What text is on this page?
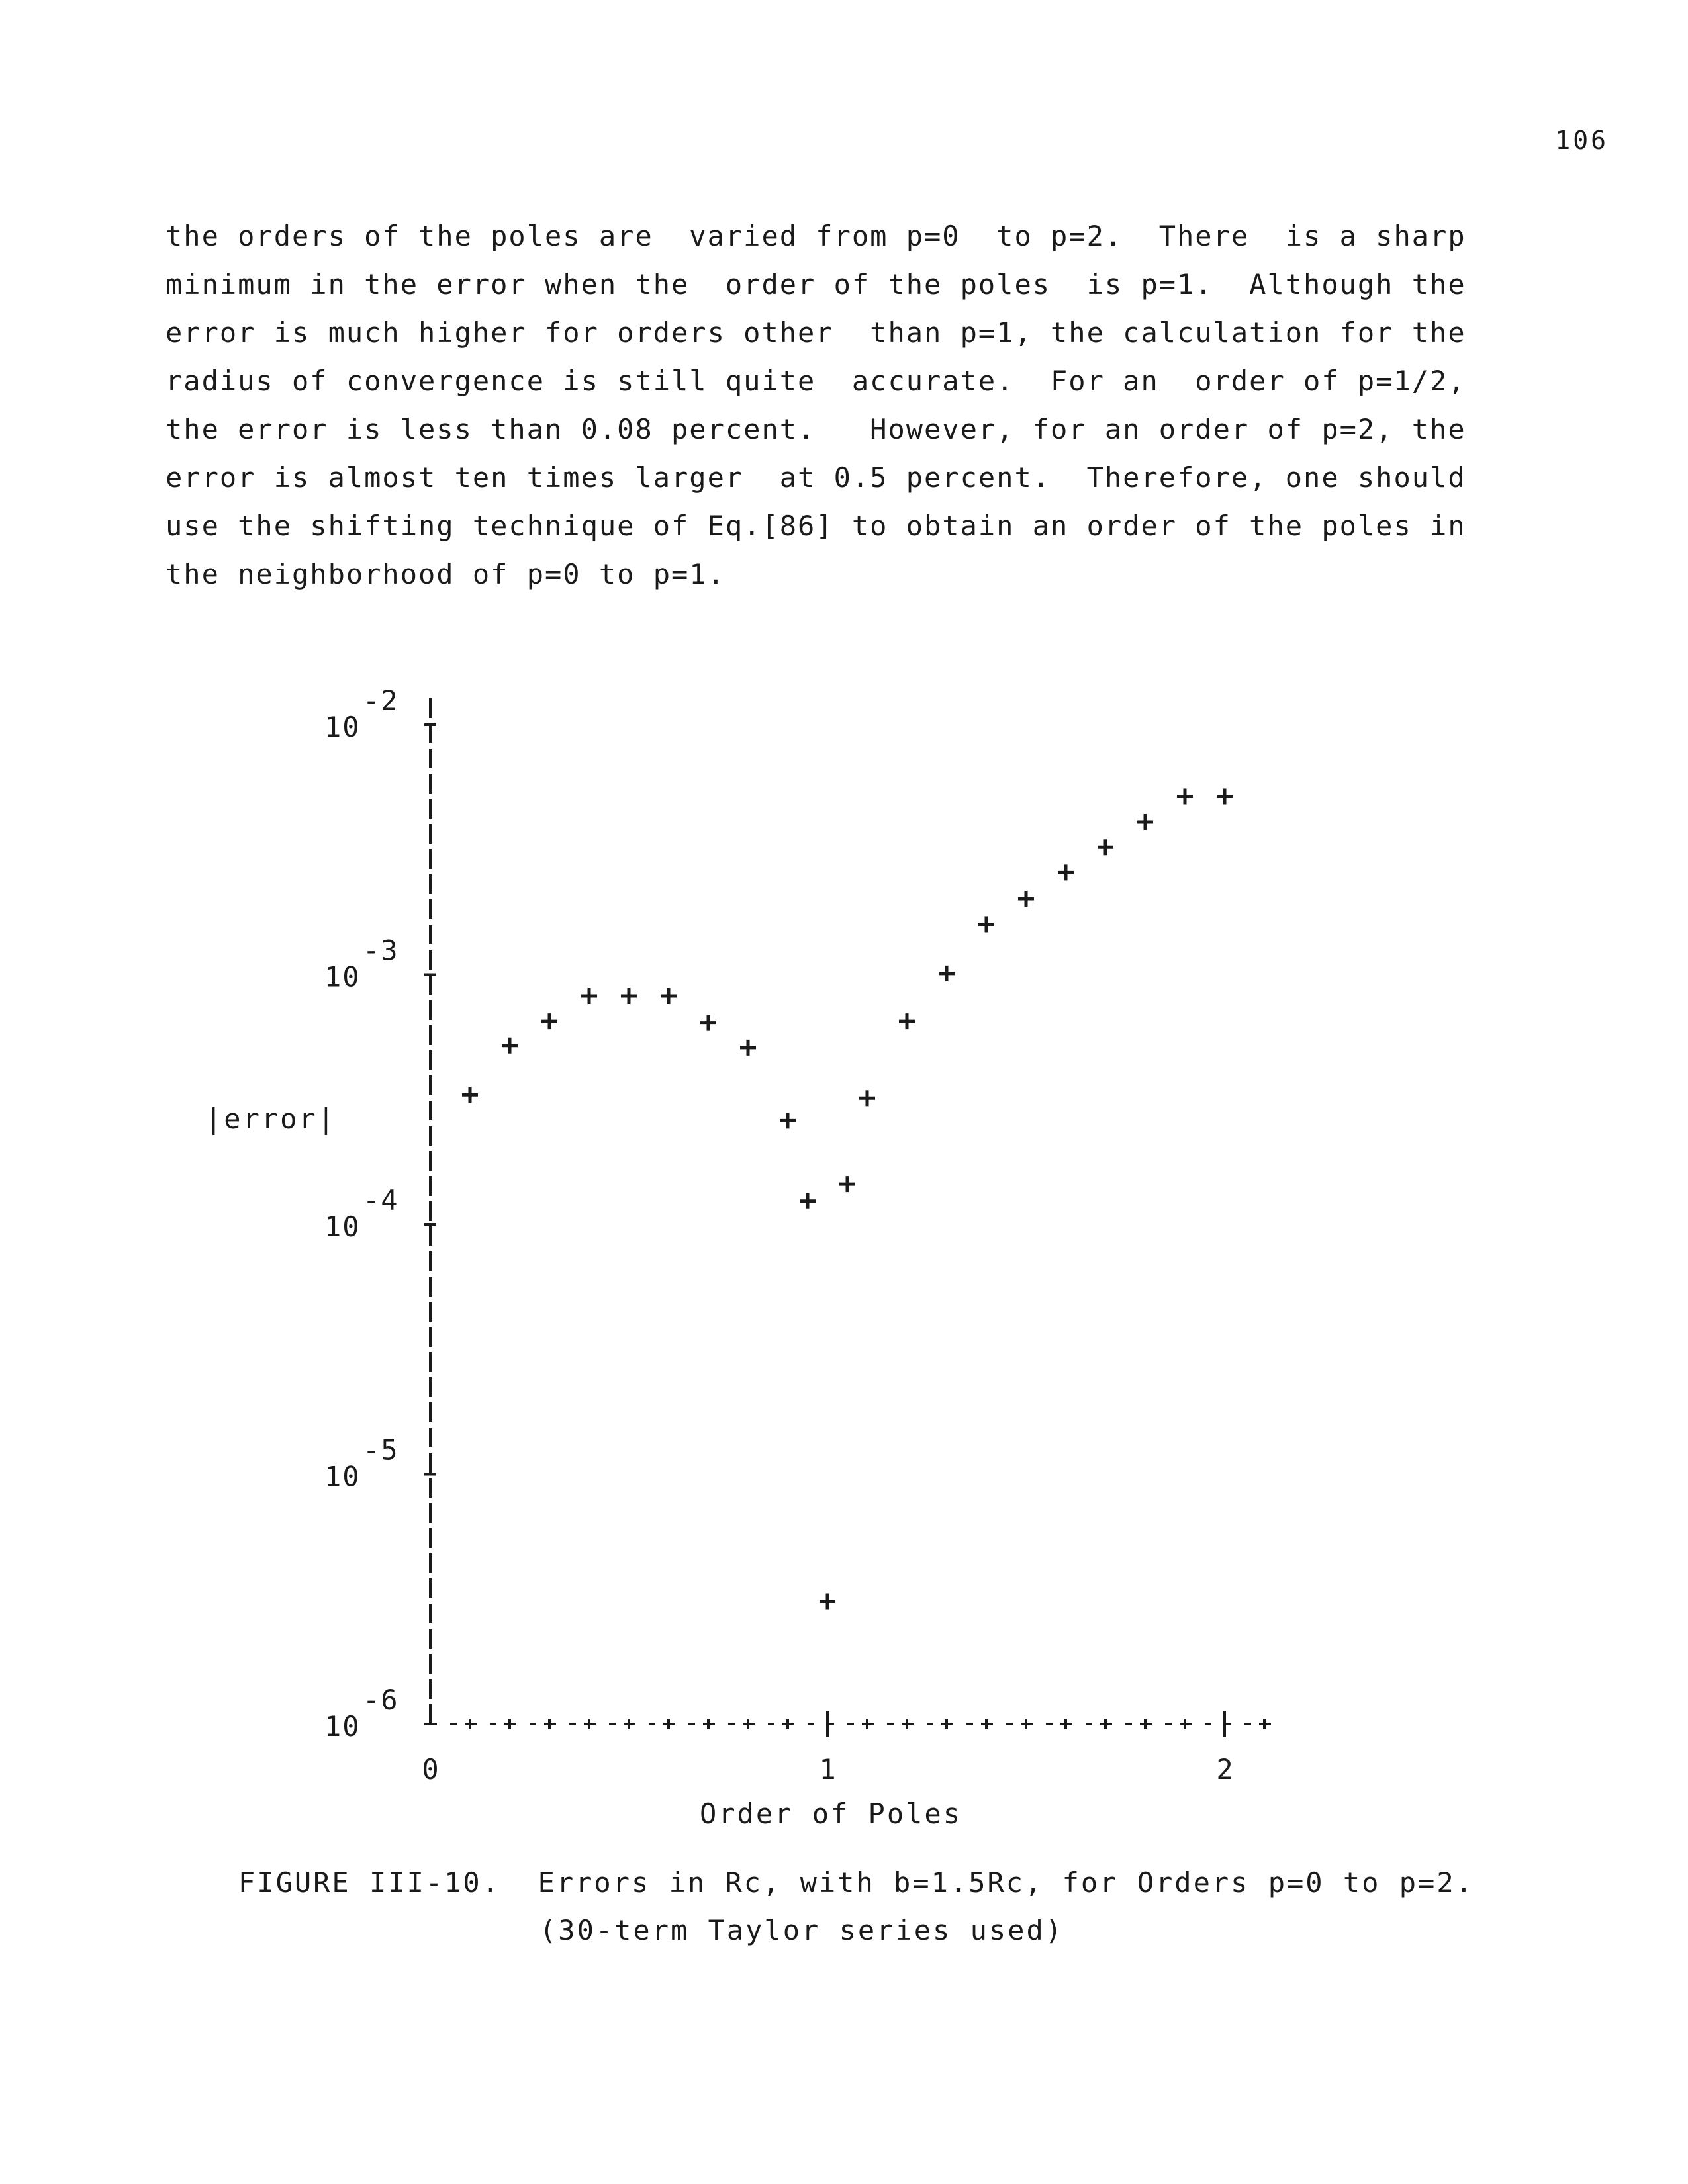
106
the orders of the poles are  varied from p=0  to p=2.  There  is a sharp
minimum in the error when the  order of the poles  is p=1.  Although the
error is much higher for orders other  than p=1, the calculation for the
radius of convergence is still quite  accurate.  For an  order of p=1/2,
the error is less than 0.08 percent.   However, for an order of p=2, the
error is almost ten times larger  at 0.5 percent.  Therefore, one should
use the shifting technique of Eq.[86] to obtain an order of the poles in
the neighborhood of p=0 to p=1.
10
-2
10
-3
10
-4
10
-5
10
-6
0	1	2
|error|
Order of Poles
FIGURE III-10.  Errors in Rc, with b=1.5Rc, for Orders p=0 to p=2.
(30-term Taylor series used)
